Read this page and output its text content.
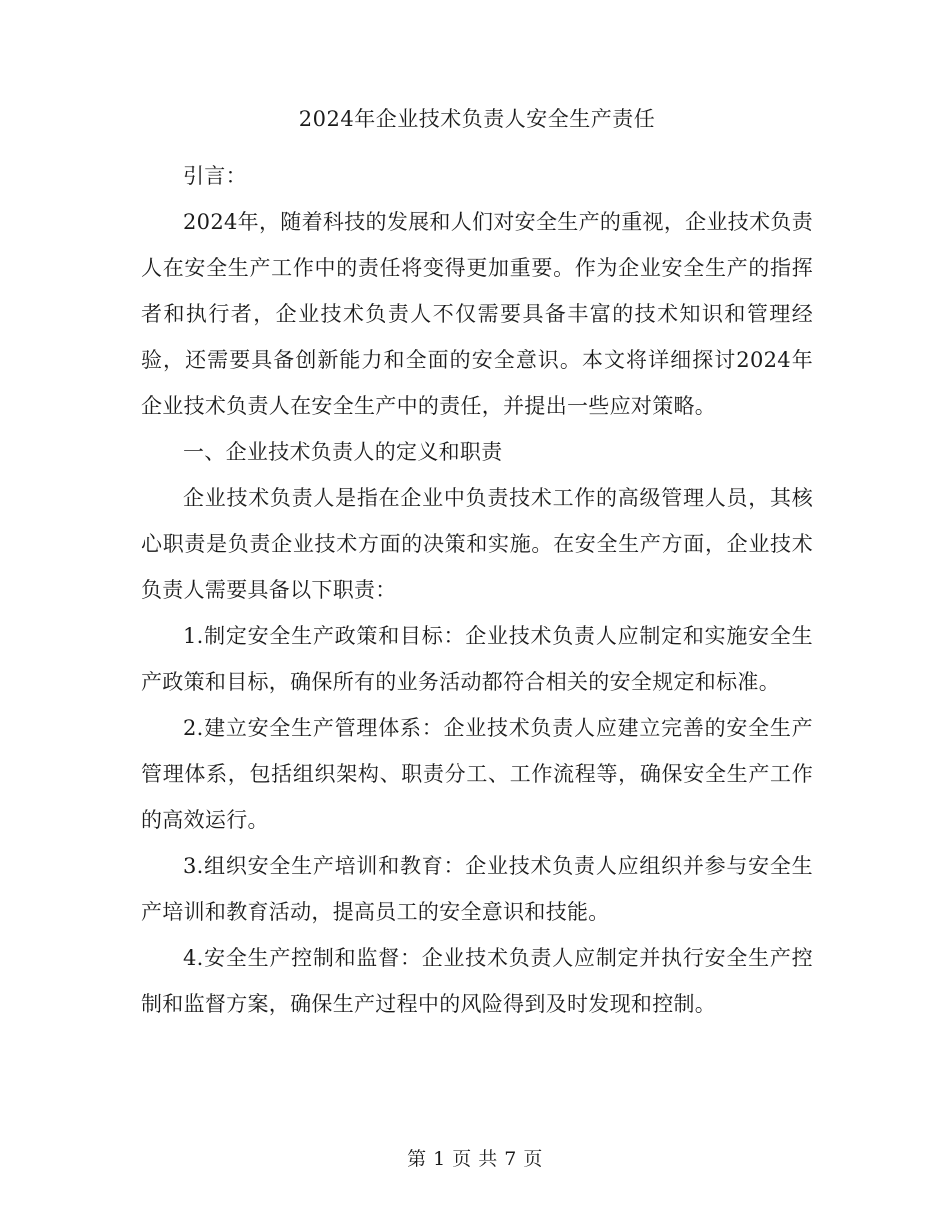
2024年企业技术负责人安全生产责任

引言：

2024年，随着科技的发展和人们对安全生产的重视，企业技术负责人在安全生产工作中的责任将变得更加重要。作为企业安全生产的指挥者和执行者，企业技术负责人不仅需要具备丰富的技术知识和管理经验，还需要具备创新能力和全面的安全意识。本文将详细探讨2024年企业技术负责人在安全生产中的责任，并提出一些应对策略。

一、企业技术负责人的定义和职责

企业技术负责人是指在企业中负责技术工作的高级管理人员，其核心职责是负责企业技术方面的决策和实施。在安全生产方面，企业技术负责人需要具备以下职责：

1.制定安全生产政策和目标：企业技术负责人应制定和实施安全生产政策和目标，确保所有的业务活动都符合相关的安全规定和标准。

2.建立安全生产管理体系：企业技术负责人应建立完善的安全生产管理体系，包括组织架构、职责分工、工作流程等，确保安全生产工作的高效运行。

3.组织安全生产培训和教育：企业技术负责人应组织并参与安全生产培训和教育活动，提高员工的安全意识和技能。

4.安全生产控制和监督：企业技术负责人应制定并执行安全生产控制和监督方案，确保生产过程中的风险得到及时发现和控制。

第 1 页 共 7 页
